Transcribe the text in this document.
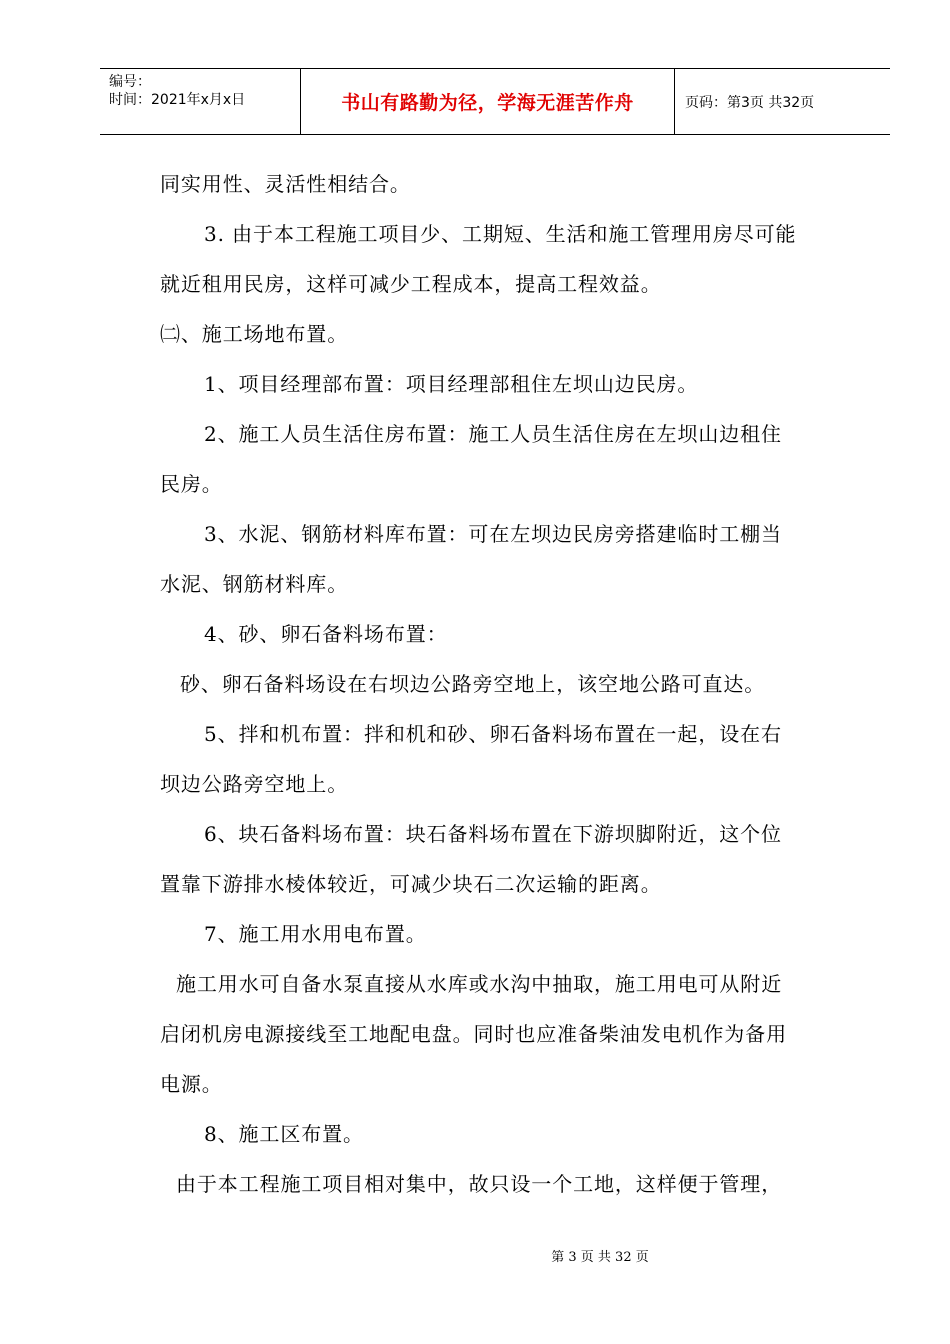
编号：
时间：2021年x月x日	书山有路勤为径，学海无涯苦作舟	页码：第3页 共32页
同实用性、灵活性相结合。
3. 由于本工程施工项目少、工期短、生活和施工管理用房尽可能
就近租用民房，这样可减少工程成本，提高工程效益。
㈡、施工场地布置。
1、项目经理部布置：项目经理部租住左坝山边民房。
2、施工人员生活住房布置：施工人员生活住房在左坝山边租住
民房。
3、水泥、钢筋材料库布置：可在左坝边民房旁搭建临时工棚当
水泥、钢筋材料库。
4、砂、卵石备料场布置：
砂、卵石备料场设在右坝边公路旁空地上，该空地公路可直达。
5、拌和机布置：拌和机和砂、卵石备料场布置在一起，设在右
坝边公路旁空地上。
6、块石备料场布置：块石备料场布置在下游坝脚附近，这个位
置靠下游排水棱体较近，可减少块石二次运输的距离。
7、施工用水用电布置。
施工用水可自备水泵直接从水库或水沟中抽取，施工用电可从附近
启闭机房电源接线至工地配电盘。同时也应准备柴油发电机作为备用
电源。
8、施工区布置。
由于本工程施工项目相对集中，故只设一个工地，这样便于管理，
第 3 页 共 32 页
